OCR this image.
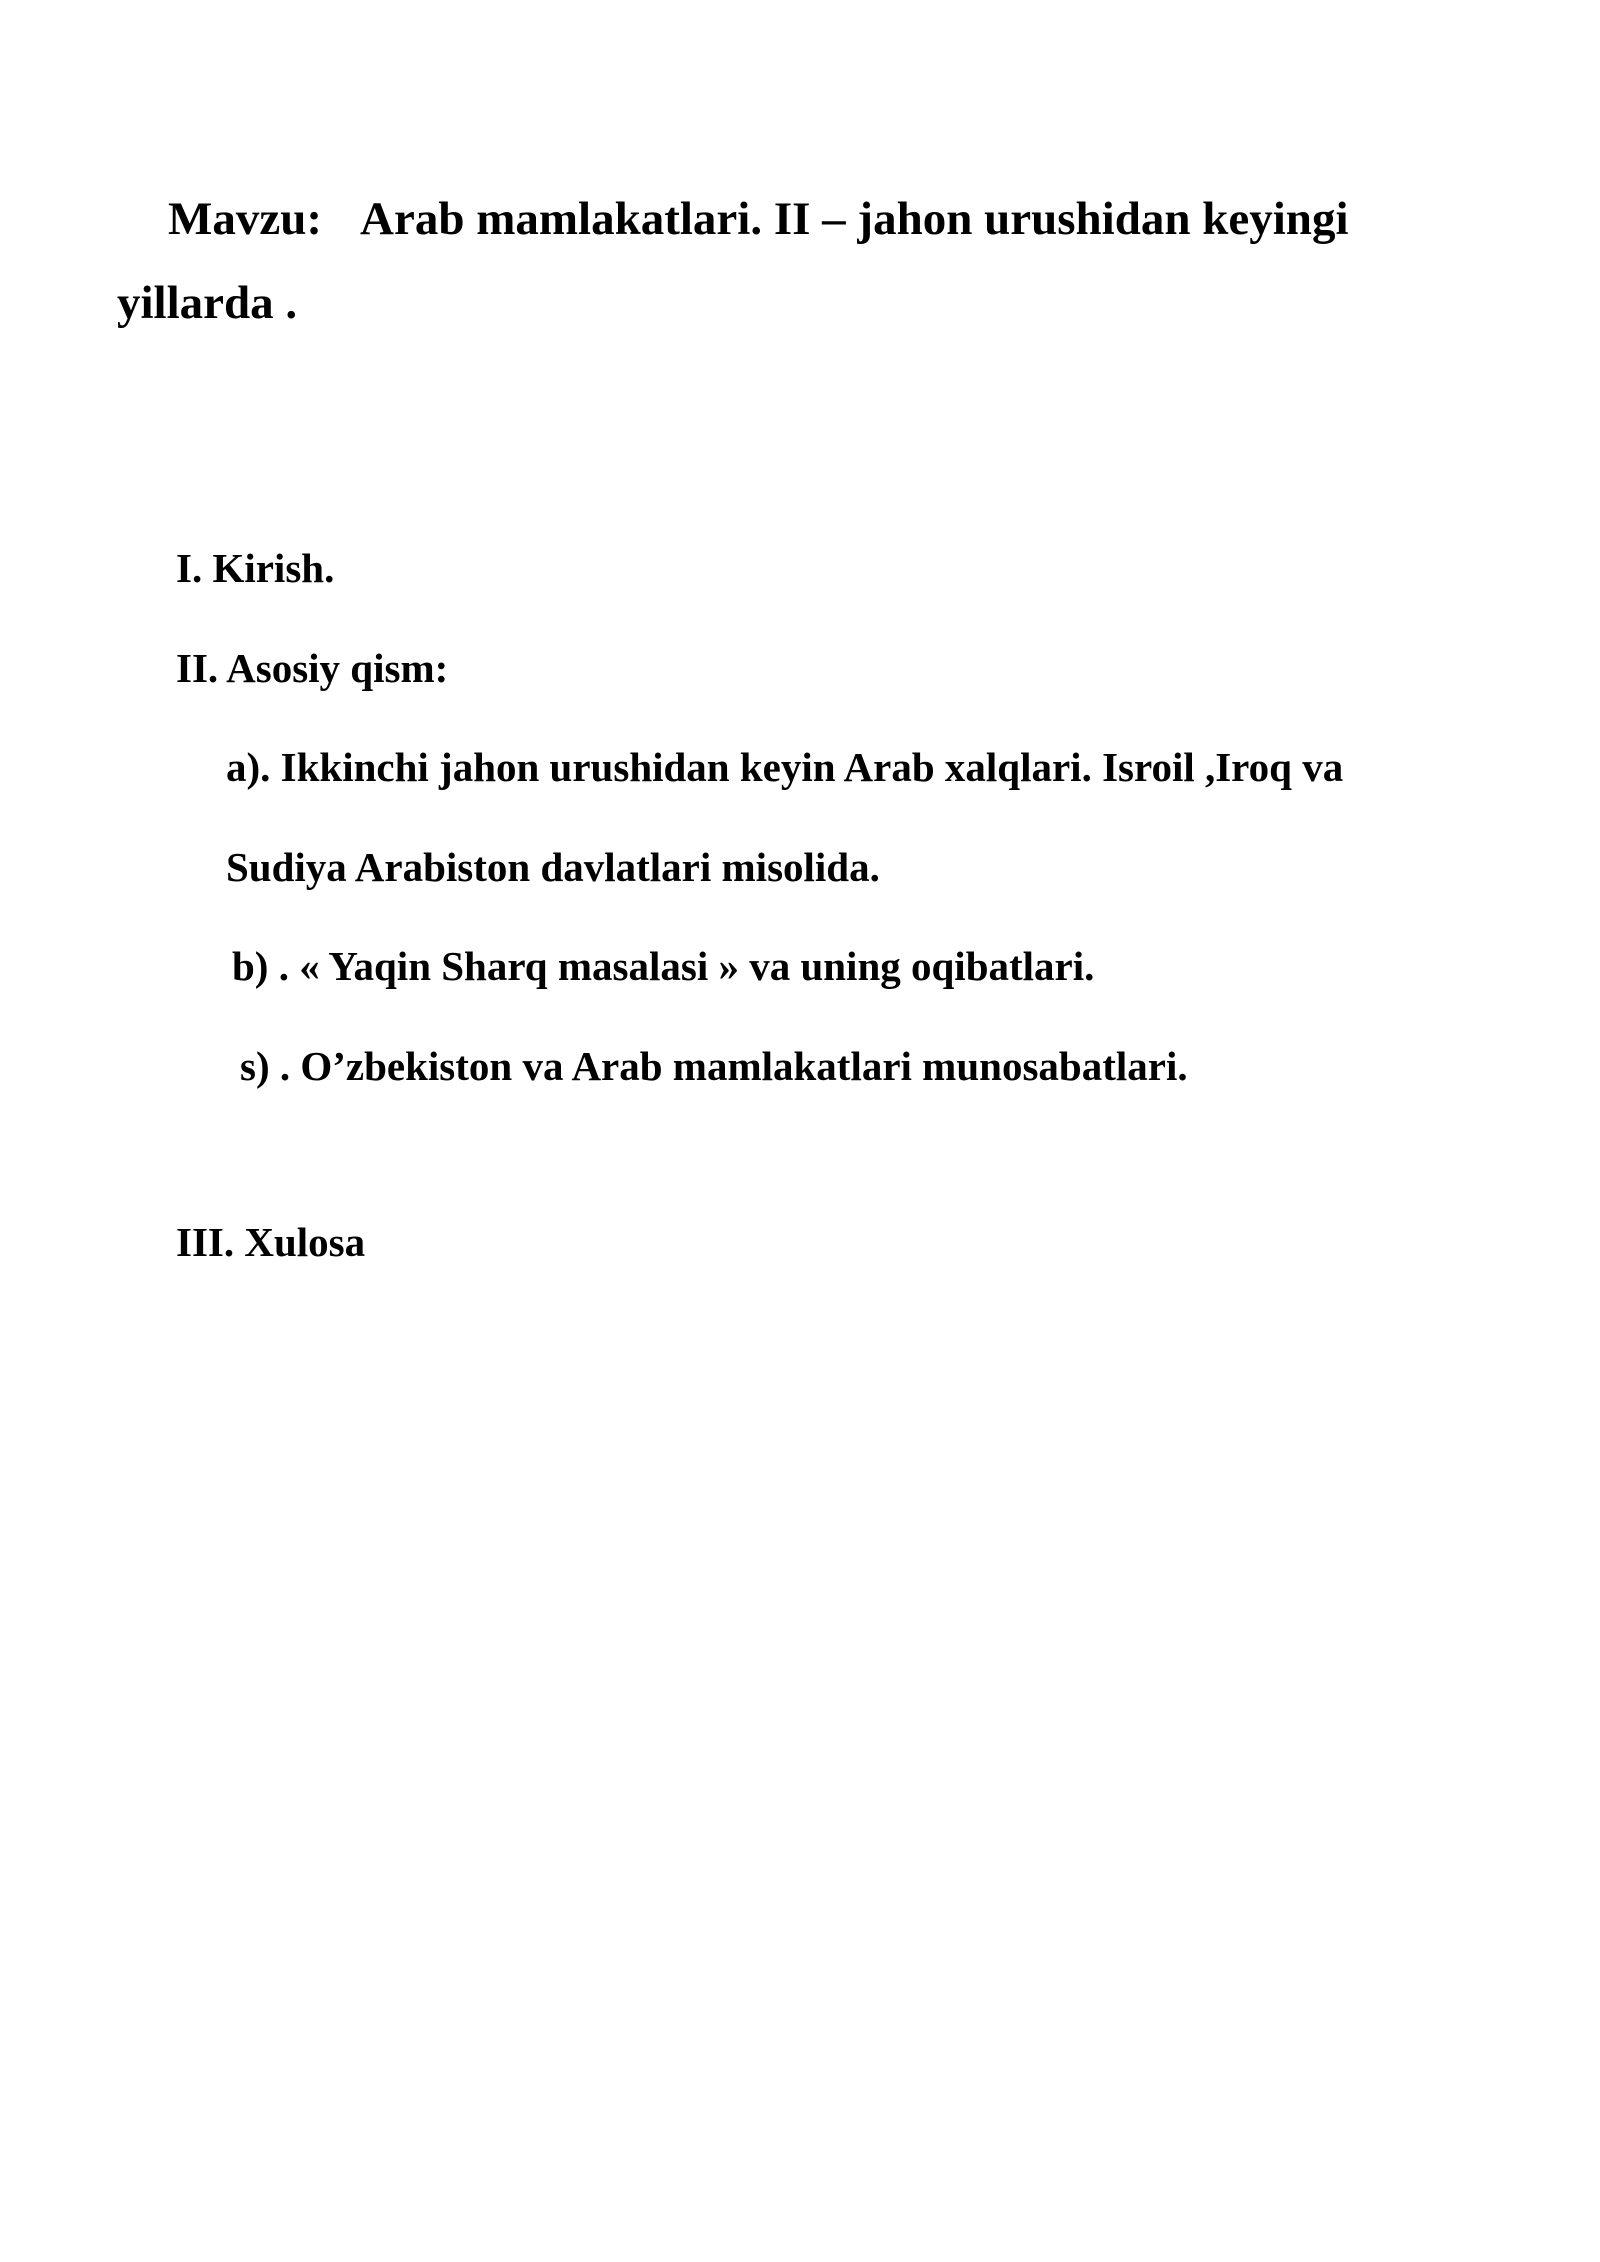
Mavzu: Arab mamlakatlari. II – jahon urushidan keyingi
yillarda .
I. Kirish.
II. Asosiy qism:
a). Ikkinchi jahon urushidan keyin Arab xalqlari. Isroil ,Iroq va
Sudiya Arabiston davlatlari misolida.
b) . « Yaqin Sharq masalasi » va uning oqibatlari.
s) . O’zbekiston va Arab mamlakatlari munosabatlari.
III. Xulosa
